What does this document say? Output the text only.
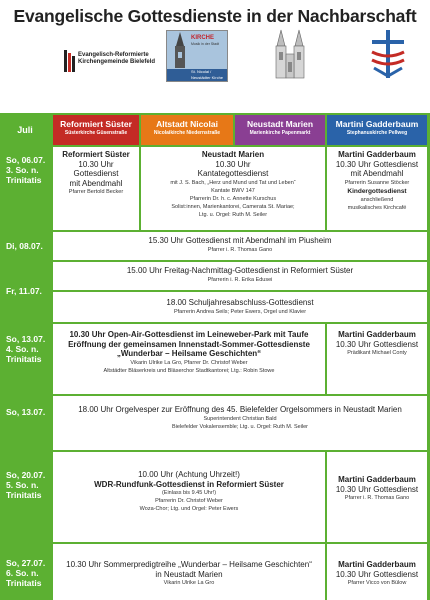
Evangelische Gottesdienste in der Nachbarschaft
Evangelisch-Reformierte
Kirchengemeinde Bielefeld
KIRCHE
Musik in der Stadt
St. Nicolai / Neustädter Kirche
Juli
Reformiert Süster
Süsterkirche Güsenstraße
Altstadt Nicolai
Nicolaikirche Niedernstraße
Neustadt Marien
Marienkirche Papenmarkt
Martini Gadderbaum
Stephanuskirche Pellweg
So, 06.07.
3. So. n.
Trinitatis
Reformiert Süster
10.30 Uhr
Gottesdienst
mit Abendmahl
Pfarrer Bertold Becker
Neustadt Marien
10.30 Uhr
Kantategottesdienst
mit J. S. Bach, „Herz und Mund und Tat und Leben“
Kantate BWV 147
Pfarrerin Dr. h. c. Annette Kurschus
Solist:innen, Marienkantorei, Camerata St. Mariae;
Ltg. u. Orgel: Ruth M. Seiler
Martini Gadderbaum
10.30 Uhr Gottesdienst
mit Abendmahl
Pfarrerin Susanne Stöcker
Kindergottesdienst
anschließend
musikalisches Kirchcafé
Di, 08.07.
15.30 Uhr Gottesdienst mit Abendmahl im Piusheim
Pfarrer i. R. Thomas Gano
Fr, 11.07.
15.00 Uhr Freitag-Nachmittag-Gottesdienst in Reformiert Süster
Pfarrerin i. R. Erika Edusei
18.00 Schuljahresabschluss-Gottesdienst
Pfarrerin Andrea Seils; Peter Ewers, Orgel und Klavier
So, 13.07.
4. So. n.
Trinitatis
10.30 Uhr Open-Air-Gottesdienst im Leineweber-Park mit Taufe
Eröffnung der gemeinsamen Innenstadt-Sommer-Gottesdienste
„Wunderbar – Heilsame Geschichten“
Vikarin Ulrike La Gro, Pfarrer Dr. Christof Weber
Altstädter Bläserkreis und Bläserchor Stadtkantorei; Ltg.: Robin Stowe
Martini Gadderbaum
10.30 Uhr Gottesdienst
Prädikant Michael Conty
So, 13.07.	18.00 Uhr Orgelvesper zur Eröffnung des 45. Bielefelder Orgelsommers in Neustadt Marien
Superintendent Christian Bald
Bielefelder Vokalensemble; Ltg. u. Orgel: Ruth M. Seiler
So, 20.07.
5. So. n.
Trinitatis
10.00 Uhr (Achtung Uhrzeit!)
WDR-Rundfunk-Gottesdienst in Reformiert Süster
(Einlass bis 9.45 Uhr!)
Pfarrerin Dr. Christof Weber
Woza-Chor; Ltg. und Orgel: Peter Ewers
Martini Gadderbaum
10.30 Uhr Gottesdienst
Pfarrer i. R. Thomas Gano
So, 27.07.
6. So. n.
Trinitatis
10.30 Uhr Sommerpredigtreihe „Wunderbar – Heilsame Geschichten“
in Neustadt Marien
Vikarin Ulrike La Gro
Martini Gadderbaum
10.30 Uhr Gottesdienst
Pfarrer Vicco von Bülow
